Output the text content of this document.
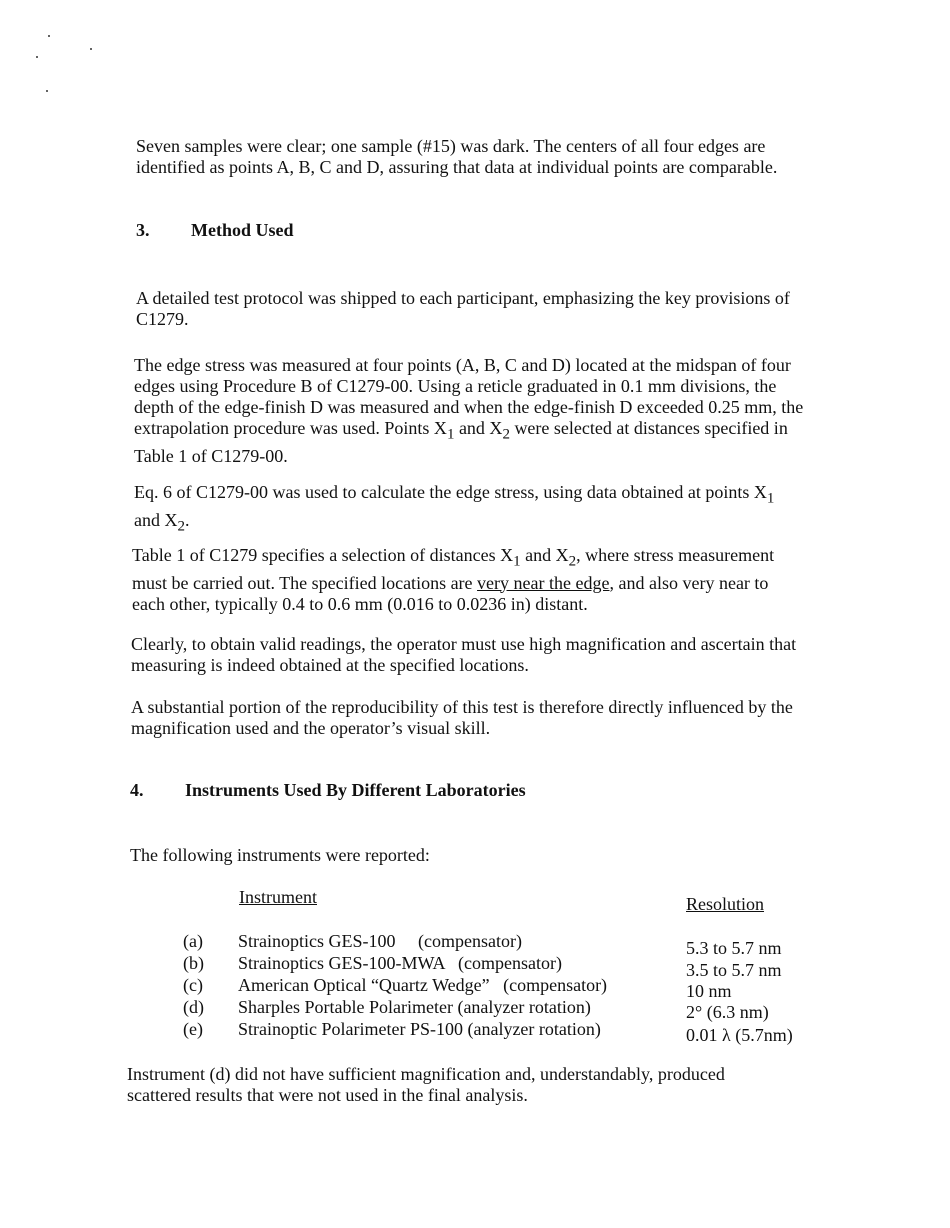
Seven samples were clear; one sample (#15) was dark. The centers of all four edges are identified as points A, B, C and D, assuring that data at individual points are comparable.

3. Method Used

A detailed test protocol was shipped to each participant, emphasizing the key provisions of C1279.

The edge stress was measured at four points (A, B, C and D) located at the midspan of four edges using Procedure B of C1279-00. Using a reticle graduated in 0.1 mm divisions, the depth of the edge-finish D was measured and when the edge-finish D exceeded 0.25 mm, the extrapolation procedure was used. Points $X_1$ and $X_2$ were selected at distances specified in Table 1 of C1279-00.

Eq. 6 of C1279-00 was used to calculate the edge stress, using data obtained at points $X_1$ and $X_2$.

Table 1 of C1279 specifies a selection of distances $X_1$ and $X_2$, where stress measurement must be carried out. The specified locations are very near the edge, and also very near to each other, typically 0.4 to 0.6 mm (0.016 to 0.0236 in) distant.

Clearly, to obtain valid readings, the operator must use high magnification and ascertain that measuring is indeed obtained at the specified locations.

A substantial portion of the reproducibility of this test is therefore directly influenced by the magnification used and the operator’s visual skill.

4. Instruments Used By Different Laboratories

The following instruments were reported:

Instrument	Resolution
(a) Strainoptics GES-100     (compensator)	5.3 to 5.7 nm
(b) Strainoptics GES-100-MWA   (compensator)	3.5 to 5.7 nm
(c) American Optical “Quartz Wedge”   (compensator)	10 nm
(d) Sharples Portable Polarimeter (analyzer rotation)	2° (6.3 nm)
(e) Strainoptic Polarimeter PS-100 (analyzer rotation)	0.01 λ (5.7nm)

Instrument (d) did not have sufficient magnification and, understandably, produced scattered results that were not used in the final analysis.
